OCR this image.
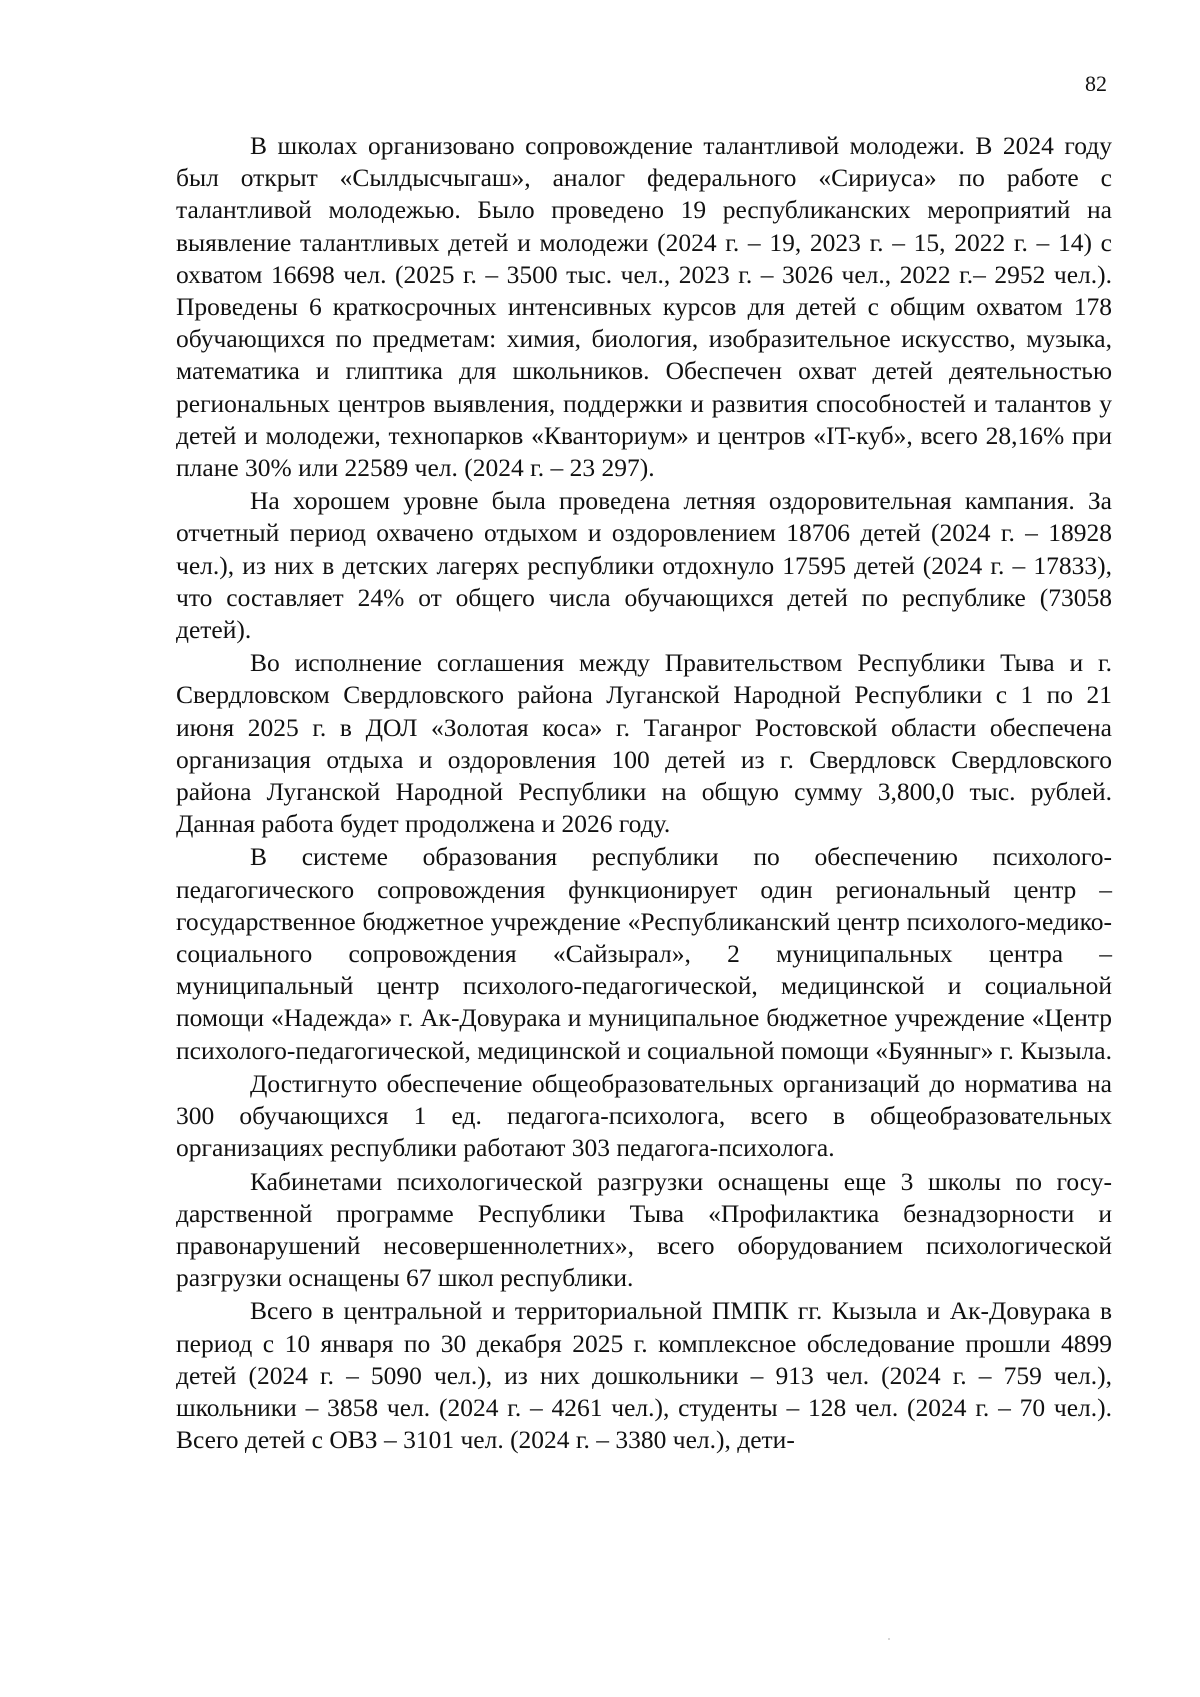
82

В школах организовано сопровождение талантливой молодежи. В 2024 году был открыт «Сылдысчыгаш», аналог федерального «Сириуса» по работе с талантливой молодежью. Было проведено 19 республиканских мероприятий на выявление талантливых детей и молодежи (2024 г. – 19, 2023 г. – 15, 2022 г. – 14) с охватом 16698 чел. (2025 г. – 3500 тыс. чел., 2023 г. – 3026 чел., 2022 г.– 2952 чел.). Проведены 6 краткосрочных интенсивных курсов для детей с общим охватом 178 обучающихся по предметам: химия, биология, изобразительное искусство, музыка, математика и глиптика для школьников. Обеспечен охват детей деятельностью региональных центров выявления, поддержки и развития способностей и талантов у детей и молодежи, технопарков «Кванториум» и центров «IT-куб», всего 28,16% при плане 30% или 22589 чел. (2024 г. – 23 297).

На хорошем уровне была проведена летняя оздоровительная кампания. За отчетный период охвачено отдыхом и оздоровлением 18706 детей (2024 г. – 18928 чел.), из них в детских лагерях республики отдохнуло 17595 детей (2024 г. – 17833), что составляет 24% от общего числа обучающихся детей по республике (73058 детей).

Во исполнение соглашения между Правительством Республики Тыва и г. Свердловском Свердловского района Луганской Народной Республики с 1 по 21 июня 2025 г. в ДОЛ «Золотая коса» г. Таганрог Ростовской области обеспечена организация отдыха и оздоровления 100 детей из г. Свердловск Свердловского района Луганской Народной Республики на общую сумму 3,800,0 тыс. рублей. Данная работа будет продолжена и 2026 году.

В системе образования республики по обеспечению психолого-педагогического сопровождения функционирует один региональный центр – государственное бюджетное учреждение «Республиканский центр психолого-медико-социального сопровождения «Сайзырал», 2 муниципальных центра – муниципальный центр психолого-педагогической, медицинской и социальной помощи «Надежда» г. Ак-Довурака и муниципальное бюджетное учреждение «Центр психолого-педагогической, медицинской и социальной помощи «Буянныг» г. Кызыла.

Достигнуто обеспечение общеобразовательных организаций до норматива на 300 обучающихся 1 ед. педагога-психолога, всего в общеобразовательных организациях республики работают 303 педагога-психолога.

Кабинетами психологической разгрузки оснащены еще 3 школы по государственной программе Республики Тыва «Профилактика безнадзорности и правонарушений несовершеннолетних», всего оборудованием психологической разгрузки оснащены 67 школ республики.

Всего в центральной и территориальной ПМПК гг. Кызыла и Ак-Довурака в период с 10 января по 30 декабря 2025 г. комплексное обследование прошли 4899 детей (2024 г. – 5090 чел.), из них дошкольники – 913 чел. (2024 г. – 759 чел.), школьники – 3858 чел. (2024 г. – 4261 чел.), студенты – 128 чел. (2024 г. – 70 чел.). Всего детей с ОВЗ – 3101 чел. (2024 г. – 3380 чел.), дети-
